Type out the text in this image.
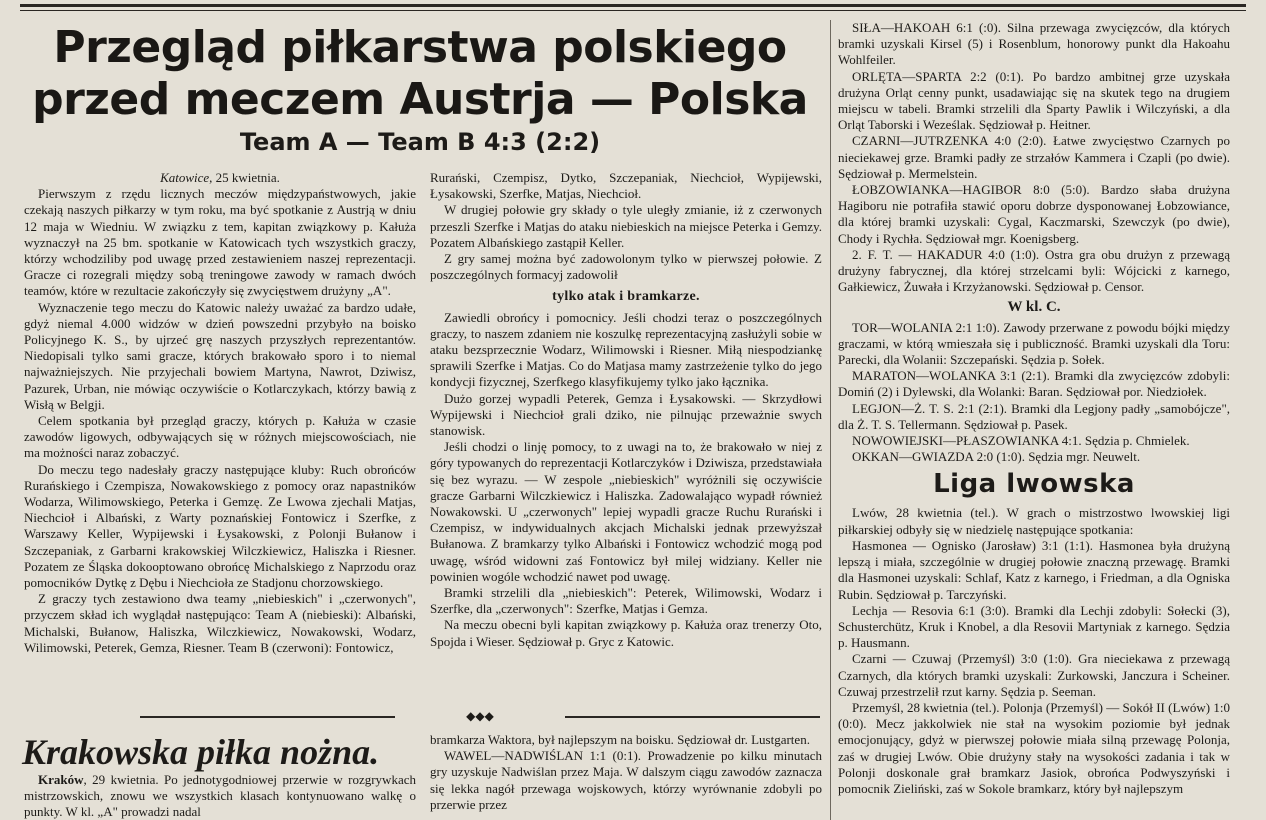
Przegląd piłkarstwa polskiego
przed meczem Austrja — Polska
Team A — Team B 4:3 (2:2)

Katowice, 25 kwietnia.

Pierwszym z rzędu licznych meczów międzypaństwowych, jakie czekają naszych piłkarzy w tym roku, ma być spotkanie z Austrją w dniu 12 maja w Wiedniu. W związku z tem, kapitan związkowy p. Kałuża wyznaczył na 25 bm. spotkanie w Katowicach tych wszystkich graczy, którzy wchodziliby pod uwagę przed zestawieniem naszej reprezentacji. Gracze ci rozegrali między sobą treningowe zawody w ramach dwóch teamów, które w rezultacie zakończyły się zwycięstwem drużyny „A".

Wyznaczenie tego meczu do Katowic należy uważać za bardzo udałe, gdyż niemal 4.000 widzów w dzień powszedni przybyło na boisko Policyjnego K. S., by ujrzeć grę naszych przyszłych reprezentantów. Niedopisali tylko sami gracze, których brakowało sporo i to niemal najważniejszych. Nie przyjechali bowiem Martyna, Nawrot, Dziwisz, Pazurek, Urban, nie mówiąc oczywiście o Kotlarczykach, którzy bawią z Wisłą w Belgji.

Celem spotkania był przegląd graczy, których p. Kałuża w czasie zawodów ligowych, odbywających się w różnych miejscowościach, nie ma możności naraz zobaczyć.

Do meczu tego nadesłały graczy następujące kluby: Ruch obrońców Rurańskiego i Czempisza, Nowakowskiego z pomocy oraz napastników Wodarza, Wilimowskiego, Peterka i Gemzę. Ze Lwowa zjechali Matjas, Niechcioł i Albański, z Warty poznańskiej Fontowicz i Szerfke, z Warszawy Keller, Wypijewski i Łysakowski, z Polonji Bułanow i Szczepaniak, z Garbarni krakowskiej Wilczkiewicz, Haliszka i Riesner. Pozatem ze Śląska dokooptowano obrońcę Michalskiego z Naprzodu oraz pomocników Dytkę z Dębu i Niechcioła ze Stadjonu chorzowskiego.

Z graczy tych zestawiono dwa teamy „niebieskich" i „czerwonych", przyczem skład ich wyglądał następująco: Team A (niebieski): Albański, Michalski, Bułanow, Haliszka, Wilczkiewicz, Nowakowski, Wodarz, Wilimowski, Peterek, Gemza, Riesner. Team B (czerwoni): Fontowicz,

Rurański, Czempisz, Dytko, Szczepaniak, Niechcioł, Wypijewski, Łysakowski, Szerfke, Matjas, Niechcioł.

W drugiej połowie gry składy o tyle uległy zmianie, iż z czerwonych przeszli Szerfke i Matjas do ataku niebieskich na miejsce Peterka i Gemzy. Pozatem Albańskiego zastąpił Keller.

Z gry samej można być zadowolonym tylko w pierwszej połowie. Z poszczególnych formacyj zadowolił

tylko atak i bramkarze.

Zawiedli obrońcy i pomocnicy. Jeśli chodzi teraz o poszczególnych graczy, to naszem zdaniem nie koszulkę reprezentacyjną zasłużyli sobie w ataku bezsprzecznie Wodarz, Wilimowski i Riesner. Miłą niespodziankę sprawili Szerfke i Matjas. Co do Matjasa mamy zastrzeżenie tylko do jego kondycji fizycznej, Szerfkego klasyfikujemy tylko jako łącznika.

Dużo gorzej wypadli Peterek, Gemza i Łysakowski. — Skrzydłowi Wypijewski i Niechcioł grali dziko, nie pilnując przeważnie swych stanowisk.

Jeśli chodzi o linję pomocy, to z uwagi na to, że brakowało w niej z góry typowanych do reprezentacji Kotlarczyków i Dziwisza, przedstawiała się bez wyrazu. — W zespole „niebieskich" wyróżnili się oczywiście gracze Garbarni Wilczkiewicz i Haliszka. Zadowalająco wypadł również Nowakowski. U „czerwonych" lepiej wypadli gracze Ruchu Rurański i Czempisz, w indywidualnych akcjach Michalski jednak przewyższał Bułanowa. Z bramkarzy tylko Albański i Fontowicz wchodzić mogą pod uwagę, wśród widowni zaś Fontowicz był milej widziany. Keller nie powinien wogóle wchodzić nawet pod uwagę.

Bramki strzelili dla „niebieskich": Peterek, Wilimowski, Wodarz i Szerfke, dla „czerwonych": Szerfke, Matjas i Gemza.

Na meczu obecni byli kapitan związkowy p. Kałuża oraz trenerzy Oto, Spojda i Wieser. Sędziował p. Gryc z Katowic.

SIŁA—HAKOAH 6:1 (:0). Silna przewaga zwycięzców, dla których bramki uzyskali Kirsel (5) i Rosenblum, honorowy punkt dla Hakoahu Wohlfeiler.

ORLĘTA—SPARTA 2:2 (0:1). Po bardzo ambitnej grze uzyskała drużyna Orląt cenny punkt, usadawiając się na skutek tego na drugiem miejscu w tabeli. Bramki strzelili dla Sparty Pawlik i Wilczyński, a dla Orląt Taborski i Weześlak. Sędziował p. Heitner.

CZARNI—JUTRZENKA 4:0 (2:0). Łatwe zwycięstwo Czarnych po nieciekawej grze. Bramki padły ze strzałów Kammera i Czapli (po dwie). Sędziował p. Mermelstein.

ŁOBZOWIANKA—HAGIBOR 8:0 (5:0). Bardzo słaba drużyna Hagiboru nie potrafiła stawić oporu dobrze dysponowanej Łobzowiance, dla której bramki uzyskali: Cygal, Kaczmarski, Szewczyk (po dwie), Chody i Rychła. Sędziował mgr. Koenigsberg.

2. F. T. — HAKADUR 4:0 (1:0). Ostra gra obu drużyn z przewagą drużyny fabrycznej, dla której strzelcami byli: Wójcicki z karnego, Gałkiewicz, Żuwała i Krzyżanowski. Sędziował p. Censor.

W kl. C.

TOR—WOLANIA 2:1 1:0). Zawody przerwane z powodu bójki między graczami, w którą wmieszała się i publiczność. Bramki uzyskali dla Toru: Parecki, dla Wolanii: Szczepański. Sędzia p. Sołek.

MARATON—WOLANKA 3:1 (2:1). Bramki dla zwycięzców zdobyli: Domiń (2) i Dylewski, dla Wolanki: Baran. Sędziował por. Niedziołek.

LEGJON—Ż. T. S. 2:1 (2:1). Bramki dla Legjony padły „samobójcze", dla Ż. T. S. Tellermann. Sędziował p. Pasek.

NOWOWIEJSKI—PŁASZOWIANKA 4:1. Sędzia p. Chmielek.

OKKAN—GWIAZDA 2:0 (1:0). Sędzia mgr. Neuwelt.

Liga lwowska

Lwów, 28 kwietnia (tel.). W grach o mistrzostwo lwowskiej ligi piłkarskiej odbyły się w niedzielę następujące spotkania:

Hasmonea — Ognisko (Jarosław) 3:1 (1:1). Hasmonea była drużyną lepszą i miała, szczególnie w drugiej połowie znaczną przewagę. Bramki dla Hasmonei uzyskali: Schlaf, Katz z karnego, i Friedman, a dla Ogniska Rubin. Sędziował p. Tarczyński.

Lechja — Resovia 6:1 (3:0). Bramki dla Lechji zdobyli: Sołecki (3), Schusterchütz, Kruk i Knobel, a dla Resovii Martyniak z karnego. Sędzia p. Hausmann.

Czarni — Czuwaj (Przemyśl) 3:0 (1:0). Gra nieciekawa z przewagą Czarnych, dla których bramki uzyskali: Zurkowski, Janczura i Scheiner. Czuwaj przestrzelił rzut karny. Sędzia p. Seeman.

Przemyśl, 28 kwietnia (tel.). Polonja (Przemyśl) — Sokół II (Lwów) 1:0 (0:0). Mecz jakkolwiek nie stał na wysokim poziomie był jednak emocjonujący, gdyż w pierwszej połowie miała silną przewagę Polonja, zaś w drugiej Lwów. Obie drużyny stały na wysokości zadania i tak w Polonji doskonale grał bramkarz Jasiok, obrońca Podwyszyński i pomocnik Zieliński, zaś w Sokole bramkarz, który był najlepszym

◆◆◆
Krakowska piłka nożna.

Kraków, 29 kwietnia. Po jednotygodniowej przerwie w rozgrywkach mistrzowskich, znowu we wszystkich klasach kontynuowano walkę o punkty. W kl. „A" prowadzi nadal

bramkarza Waktora, był najlepszym na boisku. Sędziował dr. Lustgarten.

WAWEL—NADWIŚLAN 1:1 (0:1). Prowadzenie po kilku minutach gry uzyskuje Nadwiślan przez Maja. W dalszym ciągu zawodów zaznacza się lekka nagół przewaga wojskowych, którzy wyrównanie zdobyli po przerwie przez
